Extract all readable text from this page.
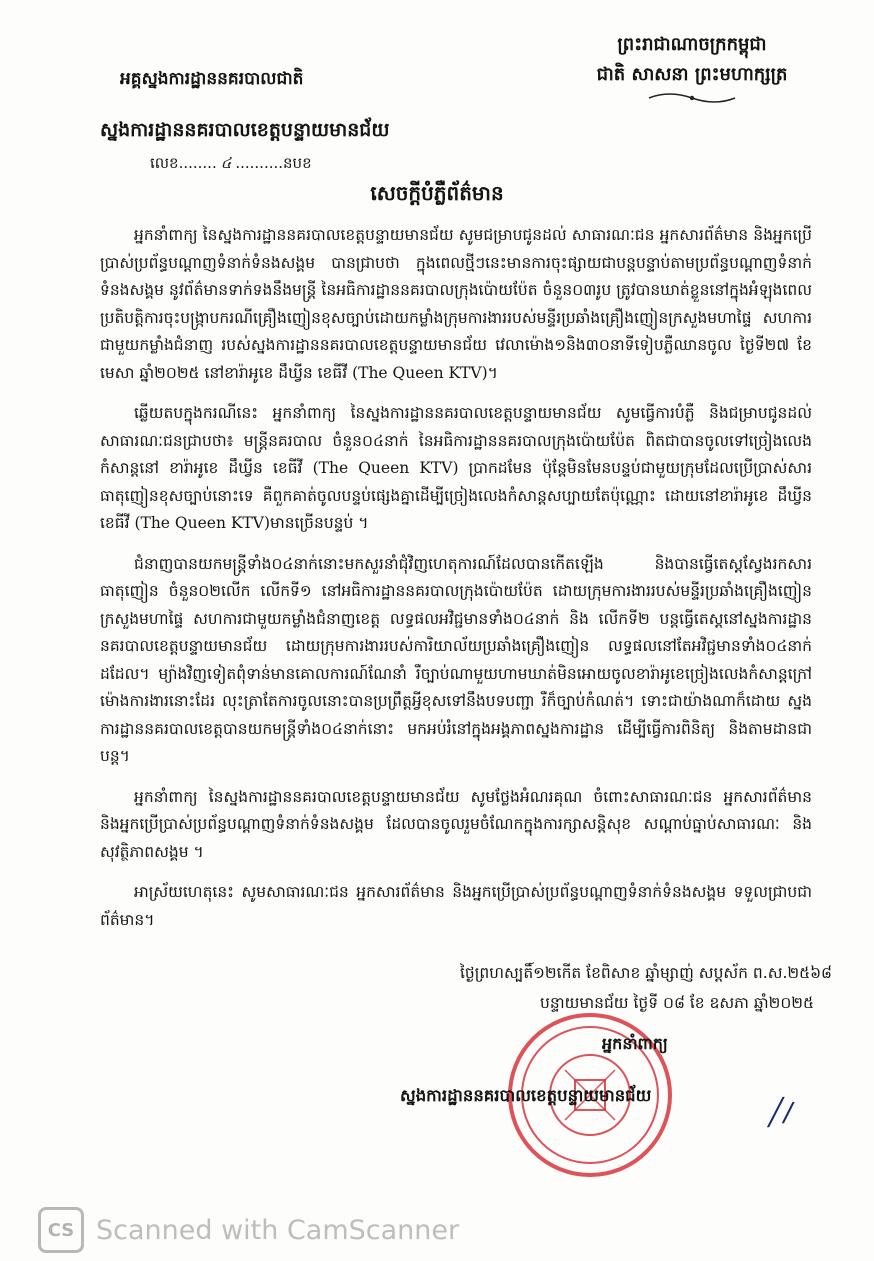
ព្រះរាជាណាចក្រកម្ពុជា
ជាតិ សាសនា ព្រះមហាក្សត្រ
អគ្គស្នងការដ្ឋាននគរបាលជាតិ
ស្នងការដ្ឋាននគរបាលខេត្តបន្ទាយមានជ័យ
លេខ........ ៤ ..........នបខ
សេចក្តីបំភ្លឺព័ត៌មាន

អ្នកនាំពាក្យ នៃស្នងការដ្ឋាននគរបាលខេត្តបន្ទាយមានជ័យ សូមជម្រាបជូនដល់ សាធារណៈជន អ្នកសារព័ត៌មាន និងអ្នកប្រើប្រាស់ប្រព័ន្ធបណ្តាញទំនាក់ទំនងសង្គម បានជ្រាបថា ក្នុងពេលថ្មីៗនេះមានការចុះផ្សាយជាបន្តបន្ទាប់តាមប្រព័ន្ធបណ្តាញទំនាក់ទំនងសង្គម នូវព័ត៌មានទាក់ទងនឹងមន្ត្រី នៃអធិការដ្ឋាននគរបាលក្រុងប៉ោយប៉ែត ចំនួន០៣រូប ត្រូវបានឃាត់ខ្លួននៅក្នុងអំឡុងពេលប្រតិបត្តិការចុះបង្ក្រាបករណីគ្រឿងញៀនខុសច្បាប់ដោយកម្លាំងក្រុមការងាររបស់មន្ទីរប្រឆាំងគ្រឿងញៀនក្រសួងមហាផ្ទៃ សហការជាមួយកម្លាំងជំនាញ របស់ស្នងការដ្ឋាននគរបាលខេត្តបន្ទាយមានជ័យ វេលាម៉ោង១និង៣០នាទីទៀបភ្លឺឈានចូល ថ្ងៃទី២៧ ខែមេសា ឆ្នាំ២០២៥ នៅខារ៉ាអូខេ ដឹឃ្វីន ខេធីវី (The Queen KTV)។

ឆ្លើយតបក្នុងករណីនេះ អ្នកនាំពាក្យ នៃស្នងការដ្ឋាននគរបាលខេត្តបន្ទាយមានជ័យ សូមធ្វើការបំភ្លឺ និងជម្រាបជូនដល់សាធារណៈជនជ្រាបថា៖ មន្ត្រីនគរបាល ចំនួន០៤នាក់ នៃអធិការដ្ឋាននគរបាលក្រុងប៉ោយប៉ែត ពិតជាបានចូលទៅច្រៀងលេងកំសាន្តនៅ ខារ៉ាអូខេ ដឹឃ្វីន ខេធីវី (The Queen KTV) ប្រាកដមែន ប៉ុន្តែមិនមែនបន្ទប់ជាមួយក្រុមដែលប្រើប្រាស់សារធាតុញៀនខុសច្បាប់នោះទេ គឺពួកគាត់ចូលបន្ទប់ផ្សេងគ្នាដើម្បីច្រៀងលេងកំសាន្តសប្បាយតែប៉ុណ្ណោះ ដោយនៅខារ៉ាអូខេ ដឹឃ្វីន ខេធីវី (The Queen KTV)មានច្រើនបន្ទប់ ។

ជំនាញបានយកមន្ត្រីទាំង០៤នាក់នោះមកសួរនាំជុំវិញហេតុការណ៍ដែលបានកើតឡើង និងបានធ្វើតេស្តស្វែងរកសារធាតុញៀន ចំនួន០២លើក លើកទី១ នៅអធិការដ្ឋាននគរបាលក្រុងប៉ោយប៉ែត ដោយក្រុមការងាររបស់មន្ទីរប្រឆាំងគ្រឿងញៀនក្រសួងមហាផ្ទៃ សហការជាមួយកម្លាំងជំនាញខេត្ត លទ្ធផលអវិជ្ជមានទាំង០៤នាក់ និង លើកទី២ បន្តធ្វើតេស្តនៅស្នងការដ្ឋាននគរបាលខេត្តបន្ទាយមានជ័យ ដោយក្រុមការងាររបស់ការិយាល័យប្រឆាំងគ្រឿងញៀន លទ្ធផលនៅតែអវិជ្ជមានទាំង០៤នាក់ដដែល។ ម្យ៉ាងវិញទៀតពុំទាន់មានគោលការណ៍ណែនាំ រឺច្បាប់ណាមួយហាមឃាត់មិនអោយចូលខារ៉ាអូខេច្រៀងលេងកំសាន្តក្រៅម៉ោងការងារនោះដែរ លុះត្រាតែការចូលនោះបានប្រព្រឹត្តអ្វីខុសទៅនឹងបទបញ្ជា រឺក៏ច្បាប់កំណត់។ ទោះជាយ៉ាងណាក៏ដោយ ស្នងការដ្ឋាននគរបាលខេត្តបានយកមន្ត្រីទាំង០៤នាក់នោះ មកអប់រំនៅក្នុងអង្គភាពស្នងការដ្ឋាន ដើម្បីធ្វើការពិនិត្យ និងតាមដានជាបន្ត។

អ្នកនាំពាក្យ នៃស្នងការដ្ឋាននគរបាលខេត្តបន្ទាយមានជ័យ សូមថ្លែងអំណរគុណ ចំពោះសាធារណៈជន អ្នកសារព័ត៌មាន និងអ្នកប្រើប្រាស់ប្រព័ន្ធបណ្តាញទំនាក់ទំនងសង្គម ដែលបានចូលរួមចំណែកក្នុងការក្សាសន្តិសុខ សណ្តាប់ធ្នាប់សាធារណៈ និង សុវត្ថិភាពសង្គម ។

អាស្រ័យហេតុនេះ សូមសាធារណៈជន អ្នកសារព័ត៌មាន និងអ្នកប្រើប្រាស់ប្រព័ន្ធបណ្តាញទំនាក់ទំនងសង្គម ទទួលជ្រាបជាព័ត៌មាន។

ថ្ងៃព្រហស្បតិ៍១២កើត ខែពិសាខ ឆ្នាំម្សាញ់ សប្តស័ក ព.ស.២៥៦៨
បន្ទាយមានជ័យ ថ្ងៃទី ០៨ ខែ ឧសភា ឆ្នាំ២០២៥
អ្នកនាំពាក្យ
ស្នងការដ្ឋាននគរបាលខេត្តបន្ទាយមានជ័យ
╱/
CS Scanned with CamScanner
